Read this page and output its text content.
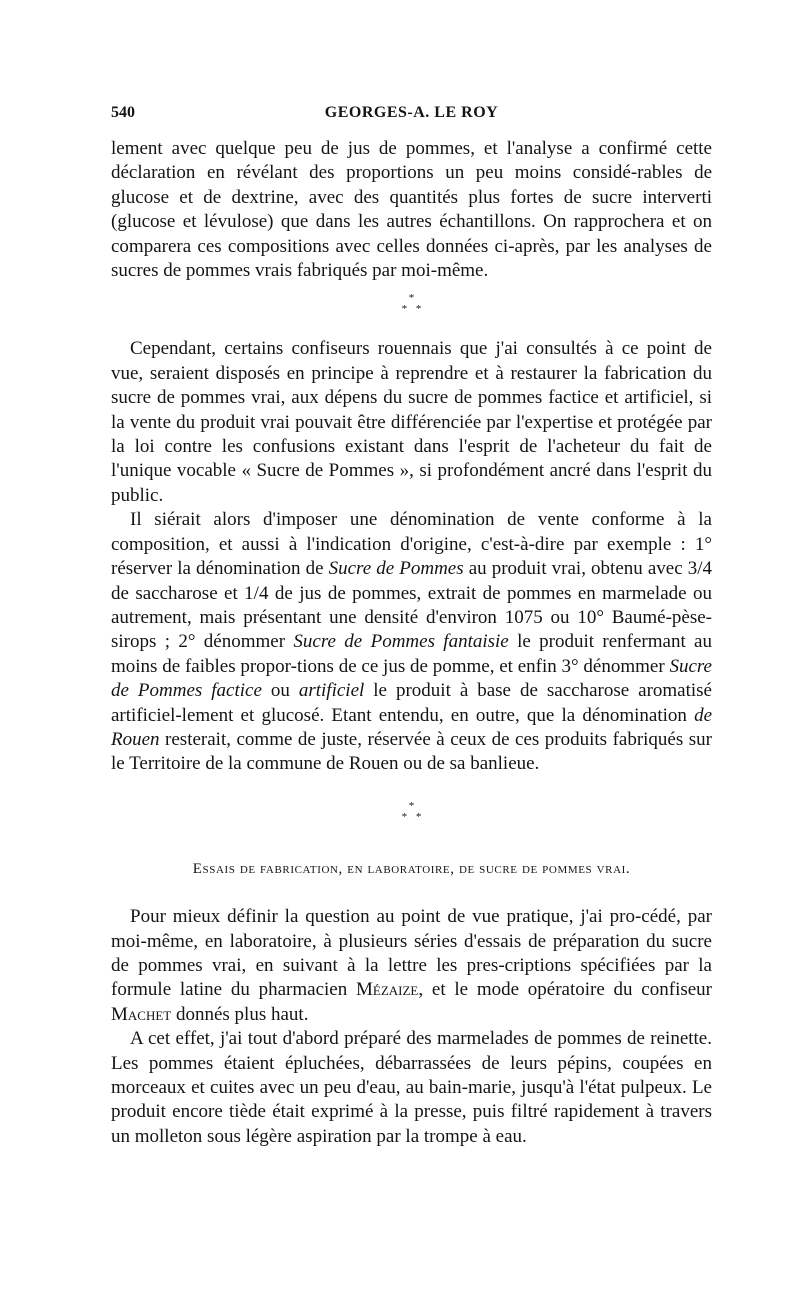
540	GEORGES-A. LE ROY

lement avec quelque peu de jus de pommes, et l'analyse a confirmé cette déclaration en révélant des proportions un peu moins considé-rables de glucose et de dextrine, avec des quantités plus fortes de sucre interverti (glucose et lévulose) que dans les autres échantillons. On rapprochera et on comparera ces compositions avec celles données ci-après, par les analyses de sucres de pommes vrais fabriqués par moi-même.

*
* *

Cependant, certains confiseurs rouennais que j'ai consultés à ce point de vue, seraient disposés en principe à reprendre et à restaurer la fabrication du sucre de pommes vrai, aux dépens du sucre de pommes factice et artificiel, si la vente du produit vrai pouvait être différenciée par l'expertise et protégée par la loi contre les confusions existant dans l'esprit de l'acheteur du fait de l'unique vocable « Sucre de Pommes », si profondément ancré dans l'esprit du public.

Il siérait alors d'imposer une dénomination de vente conforme à la composition, et aussi à l'indication d'origine, c'est-à-dire par exemple : 1° réserver la dénomination de Sucre de Pommes au produit vrai, obtenu avec 3/4 de saccharose et 1/4 de jus de pommes, extrait de pommes en marmelade ou autrement, mais présentant une densité d'environ 1075 ou 10° Baumé-pèse-sirops ; 2° dénommer Sucre de Pommes fantaisie le produit renfermant au moins de faibles propor-tions de ce jus de pomme, et enfin 3° dénommer Sucre de Pommes factice ou artificiel le produit à base de saccharose aromatisé artificiel-lement et glucosé. Etant entendu, en outre, que la dénomination de Rouen resterait, comme de juste, réservée à ceux de ces produits fabriqués sur le Territoire de la commune de Rouen ou de sa banlieue.

*
* *

Essais de fabrication, en laboratoire, de sucre de pommes vrai.

Pour mieux définir la question au point de vue pratique, j'ai pro-cédé, par moi-même, en laboratoire, à plusieurs séries d'essais de préparation du sucre de pommes vrai, en suivant à la lettre les pres-criptions spécifiées par la formule latine du pharmacien Mézaize, et le mode opératoire du confiseur Machet donnés plus haut.

A cet effet, j'ai tout d'abord préparé des marmelades de pommes de reinette. Les pommes étaient épluchées, débarrassées de leurs pépins, coupées en morceaux et cuites avec un peu d'eau, au bain-marie, jusqu'à l'état pulpeux. Le produit encore tiède était exprimé à la presse, puis filtré rapidement à travers un molleton sous légère aspiration par la trompe à eau.
